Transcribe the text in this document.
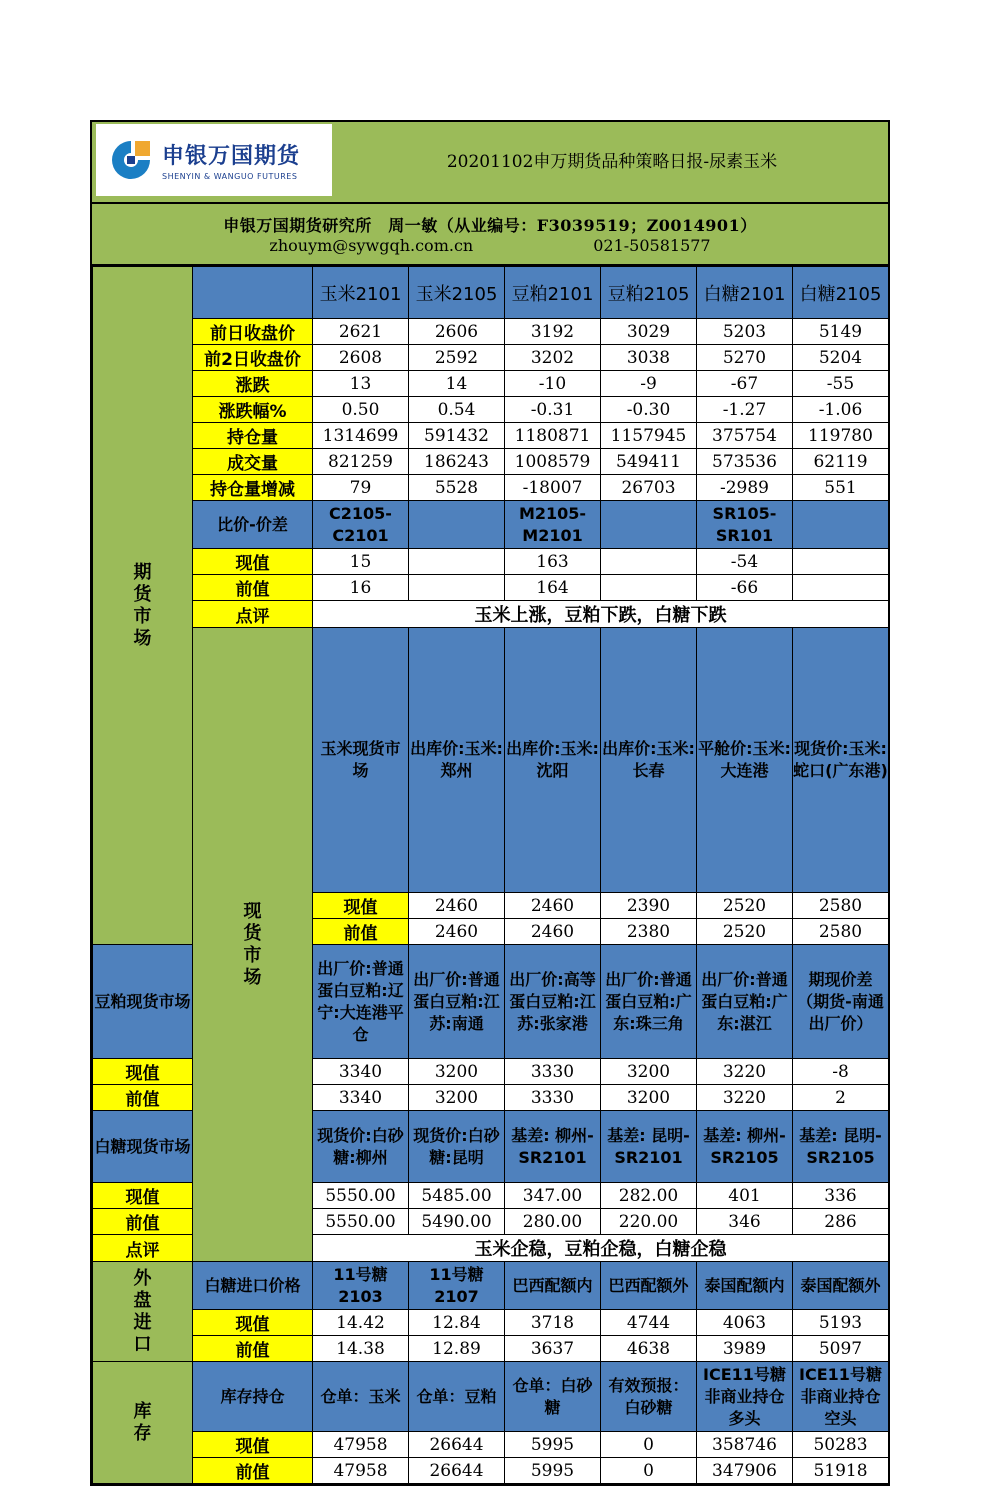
申银万国期货
SHENYIN & WANGUO FUTURES
20201102申万期货品种策略日报-尿素玉米
申银万国期货研究所　周一敏（从业编号：F3039519；Z0014901）
zhouym@sywgqh.com.cn	021-50581577
期
货
市
场		玉米2101	玉米2105	豆粕2101	豆粕2105	白糖2101	白糖2105	
	前日收盘价	2621	2606	3192	3029	5203	5149	
	前2日收盘价	2608	2592	3202	3038	5270	5204	
	涨跌	13	14	-10	-9	-67	-55	
	涨跌幅%	0.50	0.54	-0.31	-0.30	-1.27	-1.06	
	持仓量	1314699	591432	1180871	1157945	375754	119780	
	成交量	821259	186243	1008579	549411	573536	62119	
	持仓量增减	79	5528	-18007	26703	-2989	551	
	比价-价差	C2105-C2101		M2105-M2101		SR105-SR101		
	现值	15		163		-54		
	前值	16		164		-66		
	点评	玉米上涨，豆粕下跌，白糖下跌						
	现
货
市
场	玉米现货市场	出库价:玉米:郑州	出库价:玉米:沈阳	出库价:玉米:长春	平舱价:玉米:大连港	现货价:玉米:蛇口(广东港)	
		现值	2460	2460	2390	2520	2580	
		前值	2460	2460	2380	2520	2580	
豆粕现货市场		出厂价:普通蛋白豆粕:辽宁:大连港平仓	出厂价:普通蛋白豆粕:江苏:南通	出厂价:高等蛋白豆粕:江苏:张家港	出厂价:普通蛋白豆粕:广东:珠三角	出厂价:普通蛋白豆粕:广东:湛江	期现价差（期货-南通出厂价）	
现值		3340	3200	3330	3200	3220	-8	
前值		3340	3200	3330	3200	3220	2	
白糖现货市场		现货价:白砂糖:柳州	现货价:白砂糖:昆明	基差: 柳州-SR2101	基差: 昆明-SR2101	基差: 柳州-SR2105	基差: 昆明-SR2105	
现值		5550.00	5485.00	347.00	282.00	401	336	
前值		5550.00	5490.00	280.00	220.00	346	286	
点评		玉米企稳，豆粕企稳，白糖企稳						
外
盘
进
口	白糖进口价格	11号糖2103	11号糖2107	巴西配额内	巴西配额外	泰国配额内	泰国配额外	
	现值	14.42	12.84	3718	4744	4063	5193	
	前值	14.38	12.89	3637	4638	3989	5097	
库
存	库存持仓	仓单：玉米	仓单：豆粕	仓单：白砂糖	有效预报：白砂糖	ICE11号糖非商业持仓多头	ICE11号糖非商业持仓空头	
	现值	47958	26644	5995	0	358746	50283	
	前值	47958	26644	5995	0	347906	51918	
